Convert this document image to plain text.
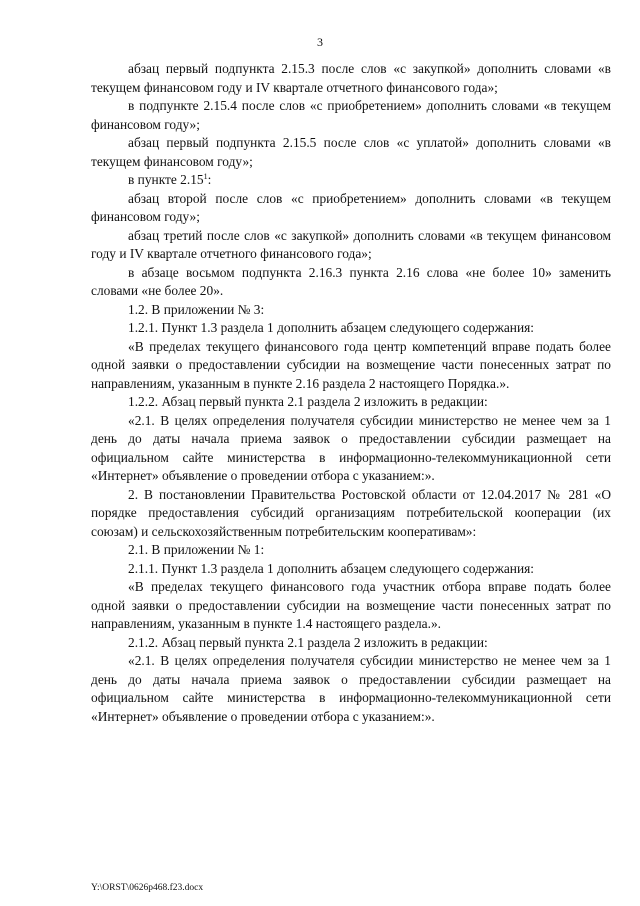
3

абзац первый подпункта 2.15.3 после слов «с закупкой» дополнить словами «в текущем финансовом году и IV квартале отчетного финансового года»;

в подпункте 2.15.4 после слов «с приобретением» дополнить словами «в текущем финансовом году»;

абзац первый подпункта 2.15.5 после слов «с уплатой» дополнить словами «в текущем финансовом году»;

в пункте 2.15$^1$:

абзац второй после слов «с приобретением» дополнить словами «в текущем финансовом году»;

абзац третий после слов «с закупкой» дополнить словами «в текущем финансовом году и IV квартале отчетного финансового года»;

в абзаце восьмом подпункта 2.16.3 пункта 2.16 слова «не более 10» заменить словами «не более 20».

1.2. В приложении № 3:

1.2.1. Пункт 1.3 раздела 1 дополнить абзацем следующего содержания:

«В пределах текущего финансового года центр компетенций вправе подать более одной заявки о предоставлении субсидии на возмещение части понесенных затрат по направлениям, указанным в пункте 2.16 раздела 2 настоящего Порядка.».

1.2.2. Абзац первый пункта 2.1 раздела 2 изложить в редакции:

«2.1. В целях определения получателя субсидии министерство не менее чем за 1 день до даты начала приема заявок о предоставлении субсидии размещает на официальном сайте министерства в информационно-телекоммуникационной сети «Интернет» объявление о проведении отбора с указанием:».

2. В постановлении Правительства Ростовской области от 12.04.2017 № 281 «О порядке предоставления субсидий организациям потребительской кооперации (их союзам) и сельскохозяйственным потребительским кооперативам»:

2.1. В приложении № 1:

2.1.1. Пункт 1.3 раздела 1 дополнить абзацем следующего содержания:

«В пределах текущего финансового года участник отбора вправе подать более одной заявки о предоставлении субсидии на возмещение части понесенных затрат по направлениям, указанным в пункте 1.4 настоящего раздела.».

2.1.2. Абзац первый пункта 2.1 раздела 2 изложить в редакции:

«2.1. В целях определения получателя субсидии министерство не менее чем за 1 день до даты начала приема заявок о предоставлении субсидии размещает на официальном сайте министерства в информационно-телекоммуникационной сети «Интернет» объявление о проведении отбора с указанием:».

Y:\ORST\0626p468.f23.docx
